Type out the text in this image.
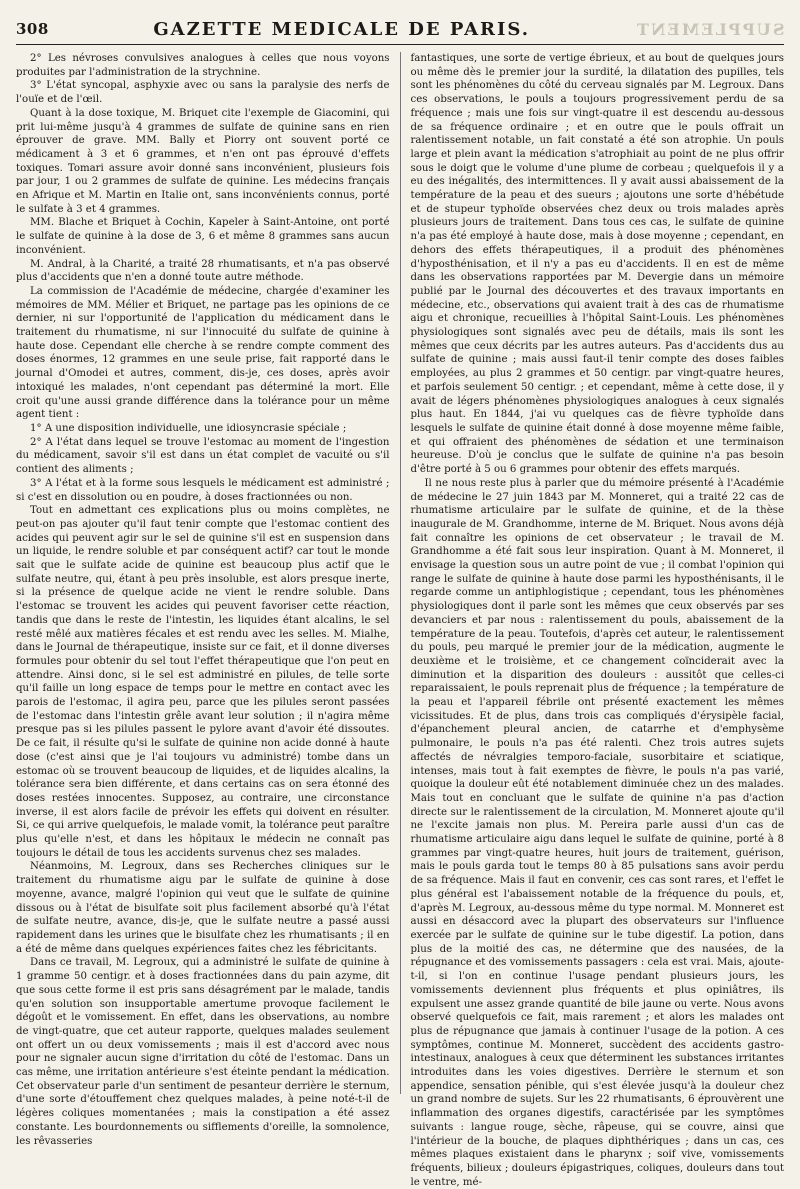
308	GAZETTE MEDICALE DE PARIS.	SUPPLEMENT

2° Les névroses convulsives analogues à celles que nous voyons produites par l'administration de la strychnine.

3° L'état syncopal, asphyxie avec ou sans la paralysie des nerfs de l'ouïe et de l'œil.

Quant à la dose toxique, M. Briquet cite l'exemple de Giacomini, qui prit lui-même jusqu'à 4 grammes de sulfate de quinine sans en rien éprouver de grave. MM. Bally et Piorry ont souvent porté ce médicament à 3 et 6 grammes, et n'en ont pas éprouvé d'effets toxiques. Tomari assure avoir donné sans inconvénient, plusieurs fois par jour, 1 ou 2 grammes de sulfate de quinine. Les médecins français en Afrique et M. Martin en Italie ont, sans inconvénients connus, porté le sulfate à 3 et 4 grammes.

MM. Blache et Briquet à Cochin, Kapeler à Saint-Antoine, ont porté le sulfate de quinine à la dose de 3, 6 et même 8 grammes sans aucun inconvénient.

M. Andral, à la Charité, a traité 28 rhumatisants, et n'a pas observé plus d'accidents que n'en a donné toute autre méthode.

La commission de l'Académie de médecine, chargée d'examiner les mémoires de MM. Mélier et Briquet, ne partage pas les opinions de ce dernier, ni sur l'opportunité de l'application du médicament dans le traitement du rhumatisme, ni sur l'innocuité du sulfate de quinine à haute dose. Cependant elle cherche à se rendre compte comment des doses énormes, 12 grammes en une seule prise, fait rapporté dans le journal d'Omodei et autres, comment, dis-je, ces doses, après avoir intoxiqué les malades, n'ont cependant pas déterminé la mort. Elle croit qu'une aussi grande différence dans la tolérance pour un même agent tient :

1° A une disposition individuelle, une idiosyncrasie spéciale ;

2° A l'état dans lequel se trouve l'estomac au moment de l'ingestion du médicament, savoir s'il est dans un état complet de vacuité ou s'il contient des aliments ;

3° A l'état et à la forme sous lesquels le médicament est administré ; si c'est en dissolution ou en poudre, à doses fractionnées ou non.

Tout en admettant ces explications plus ou moins complètes, ne peut-on pas ajouter qu'il faut tenir compte que l'estomac contient des acides qui peuvent agir sur le sel de quinine s'il est en suspension dans un liquide, le rendre soluble et par conséquent actif? car tout le monde sait que le sulfate acide de quinine est beaucoup plus actif que le sulfate neutre, qui, étant à peu près insoluble, est alors presque inerte, si la présence de quelque acide ne vient le rendre soluble. Dans l'estomac se trouvent les acides qui peuvent favoriser cette réaction, tandis que dans le reste de l'intestin, les liquides étant alcalins, le sel resté mêlé aux matières fécales et est rendu avec les selles. M. Mialhe, dans le Journal de thérapeutique, insiste sur ce fait, et il donne diverses formules pour obtenir du sel tout l'effet thérapeutique que l'on peut en attendre. Ainsi donc, si le sel est administré en pilules, de telle sorte qu'il faille un long espace de temps pour le mettre en contact avec les parois de l'estomac, il agira peu, parce que les pilules seront passées de l'estomac dans l'intestin grêle avant leur solution ; il n'agira même presque pas si les pilules passent le pylore avant d'avoir été dissoutes. De ce fait, il résulte qu'si le sulfate de quinine non acide donné à haute dose (c'est ainsi que je l'ai toujours vu administré) tombe dans un estomac où se trouvent beaucoup de liquides, et de liquides alcalins, la tolérance sera bien différente, et dans certains cas on sera étonné des doses restées innocentes. Supposez, au contraire, une circonstance inverse, il est alors facile de prévoir les effets qui doivent en résulter. Si, ce qui arrive quelquefois, le malade vomit, la tolérance peut paraître plus qu'elle n'est, et dans les hôpitaux le médecin ne connaît pas toujours le détail de tous les accidents survenus chez ses malades.

Néanmoins, M. Legroux, dans ses Recherches cliniques sur le traitement du rhumatisme aigu par le sulfate de quinine à dose moyenne, avance, malgré l'opinion qui veut que le sulfate de quinine dissous ou à l'état de bisulfate soit plus facilement absorbé qu'à l'état de sulfate neutre, avance, dis-je, que le sulfate neutre a passé aussi rapidement dans les urines que le bisulfate chez les rhumatisants ; il en a été de même dans quelques expériences faites chez les fébricitants.

Dans ce travail, M. Legroux, qui a administré le sulfate de quinine à 1 gramme 50 centigr. et à doses fractionnées dans du pain azyme, dit que sous cette forme il est pris sans désagrément par le malade, tandis qu'en solution son insupportable amertume provoque facilement le dégoût et le vomissement. En effet, dans les observations, au nombre de vingt-quatre, que cet auteur rapporte, quelques malades seulement ont offert un ou deux vomissements ; mais il est d'accord avec nous pour ne signaler aucun signe d'irritation du côté de l'estomac. Dans un cas même, une irritation antérieure s'est éteinte pendant la médication. Cet observateur parle d'un sentiment de pesanteur derrière le sternum, d'une sorte d'étouffement chez quelques malades, à peine noté-t-il de légères coliques momentanées ; mais la constipation a été assez constante. Les bourdonnements ou sifflements d'oreille, la somnolence, les rêvasseries

fantastiques, une sorte de vertige ébrieux, et au bout de quelques jours ou même dès le premier jour la surdité, la dilatation des pupilles, tels sont les phénomènes du côté du cerveau signalés par M. Legroux. Dans ces observations, le pouls a toujours progressivement perdu de sa fréquence ; mais une fois sur vingt-quatre il est descendu au-dessous de sa fréquence ordinaire ; et en outre que le pouls offrait un ralentissement notable, un fait constaté a été son atrophie. Un pouls large et plein avant la médication s'atrophiait au point de ne plus offrir sous le doigt que le volume d'une plume de corbeau ; quelquefois il y a eu des inégalités, des intermittences. Il y avait aussi abaissement de la température de la peau et des sueurs ; ajoutons une sorte d'hébétude et de stupeur typhoïde observées chez deux ou trois malades après plusieurs jours de traitement. Dans tous ces cas, le sulfate de quinine n'a pas été employé à haute dose, mais à dose moyenne ; cependant, en dehors des effets thérapeutiques, il a produit des phénomènes d'hyposthénisation, et il n'y a pas eu d'accidents. Il en est de même dans les observations rapportées par M. Devergie dans un mémoire publié par le Journal des découvertes et des travaux importants en médecine, etc., observations qui avaient trait à des cas de rhumatisme aigu et chronique, recueillies à l'hôpital Saint-Louis. Les phénomènes physiologiques sont signalés avec peu de détails, mais ils sont les mêmes que ceux décrits par les autres auteurs. Pas d'accidents dus au sulfate de quinine ; mais aussi faut-il tenir compte des doses faibles employées, au plus 2 grammes et 50 centigr. par vingt-quatre heures, et parfois seulement 50 centigr. ; et cependant, même à cette dose, il y avait de légers phénomènes physiologiques analogues à ceux signalés plus haut. En 1844, j'ai vu quelques cas de fièvre typhoïde dans lesquels le sulfate de quinine était donné à dose moyenne même faible, et qui offraient des phénomènes de sédation et une terminaison heureuse. D'où je conclus que le sulfate de quinine n'a pas besoin d'être porté à 5 ou 6 grammes pour obtenir des effets marqués.

Il ne nous reste plus à parler que du mémoire présenté à l'Académie de médecine le 27 juin 1843 par M. Monneret, qui a traité 22 cas de rhumatisme articulaire par le sulfate de quinine, et de la thèse inaugurale de M. Grandhomme, interne de M. Briquet. Nous avons déjà fait connaître les opinions de cet observateur ; le travail de M. Grandhomme a été fait sous leur inspiration. Quant à M. Monneret, il envisage la question sous un autre point de vue ; il combat l'opinion qui range le sulfate de quinine à haute dose parmi les hyposthénisants, il le regarde comme un antiphlogistique ; cependant, tous les phénomènes physiologiques dont il parle sont les mêmes que ceux observés par ses devanciers et par nous : ralentissement du pouls, abaissement de la température de la peau. Toutefois, d'après cet auteur, le ralentissement du pouls, peu marqué le premier jour de la médication, augmente le deuxième et le troisième, et ce changement coïnciderait avec la diminution et la disparition des douleurs : aussitôt que celles-ci reparaissaient, le pouls reprenait plus de fréquence ; la température de la peau et l'appareil fébrile ont présenté exactement les mêmes vicissitudes. Et de plus, dans trois cas compliqués d'érysipèle facial, d'épanchement pleural ancien, de catarrhe et d'emphysème pulmonaire, le pouls n'a pas été ralenti. Chez trois autres sujets affectés de névralgies temporo-faciale, susorbitaire et sciatique, intenses, mais tout à fait exemptes de fièvre, le pouls n'a pas varié, quoique la douleur eût été notablement diminuée chez un des malades. Mais tout en concluant que le sulfate de quinine n'a pas d'action directe sur le ralentissement de la circulation, M. Monneret ajoute qu'il ne l'excite jamais non plus. M. Pereira parle aussi d'un cas de rhumatisme articulaire aigu dans lequel le sulfate de quinine, porté à 8 grammes par vingt-quatre heures, huit jours de traitement, guérison, mais le pouls garda tout le temps 80 à 85 pulsations sans avoir perdu de sa fréquence. Mais il faut en convenir, ces cas sont rares, et l'effet le plus général est l'abaissement notable de la fréquence du pouls, et, d'après M. Legroux, au-dessous même du type normal. M. Monneret est aussi en désaccord avec la plupart des observateurs sur l'influence exercée par le sulfate de quinine sur le tube digestif. La potion, dans plus de la moitié des cas, ne détermine que des nausées, de la répugnance et des vomissements passagers : cela est vrai. Mais, ajoute-t-il, si l'on en continue l'usage pendant plusieurs jours, les vomissements deviennent plus fréquents et plus opiniâtres, ils expulsent une assez grande quantité de bile jaune ou verte. Nous avons observé quelquefois ce fait, mais rarement ; et alors les malades ont plus de répugnance que jamais à continuer l'usage de la potion. A ces symptômes, continue M. Monneret, succèdent des accidents gastro-intestinaux, analogues à ceux que déterminent les substances irritantes introduites dans les voies digestives. Derrière le sternum et son appendice, sensation pénible, qui s'est élevée jusqu'à la douleur chez un grand nombre de sujets. Sur les 22 rhumatisants, 6 éprouvèrent une inflammation des organes digestifs, caractérisée par les symptômes suivants : langue rouge, sèche, râpeuse, qui se couvre, ainsi que l'intérieur de la bouche, de plaques diphthériques ; dans un cas, ces mêmes plaques existaient dans le pharynx ; soif vive, vomissements fréquents, bilieux ; douleurs épigastriques, coliques, douleurs dans tout le ventre, mé-
